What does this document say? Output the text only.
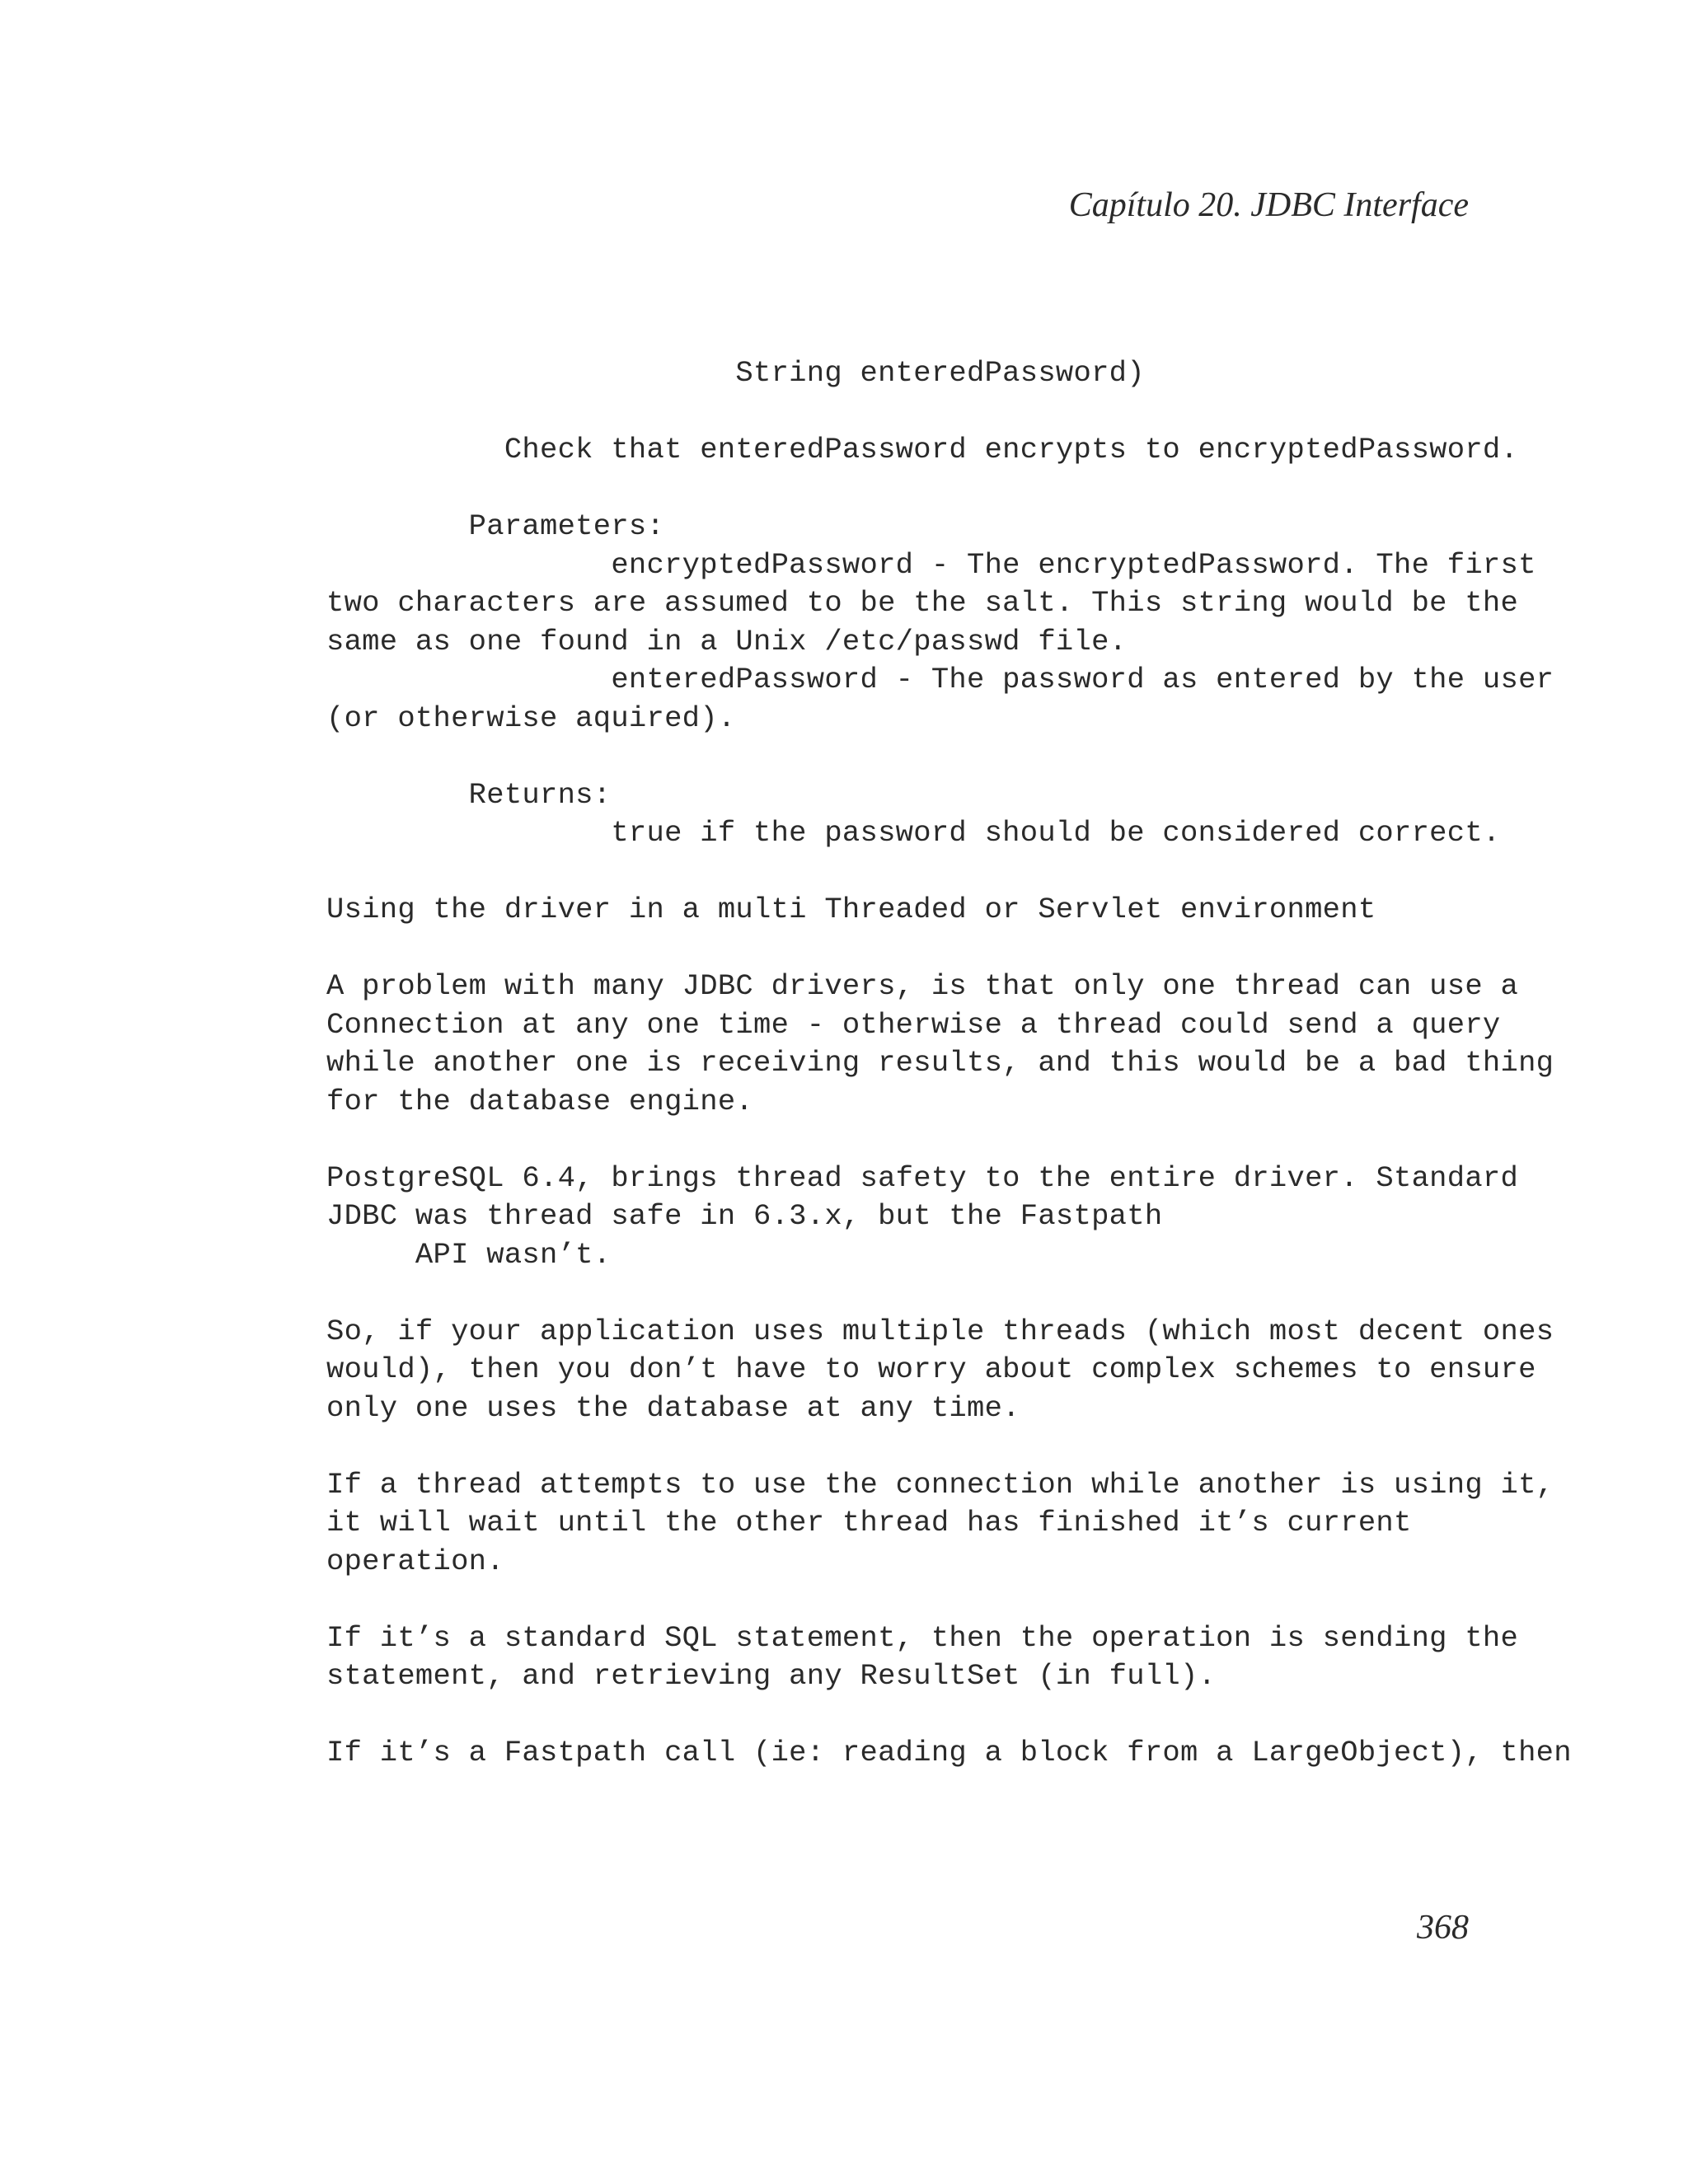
Capítulo 20. JDBC Interface
String enteredPassword)
Check that enteredPassword encrypts to encryptedPassword.
Parameters:
encryptedPassword - The encryptedPassword. The first
two characters are assumed to be the salt. This string would be the
same as one found in a Unix /etc/passwd file.
enteredPassword - The password as entered by the user
(or otherwise aquired).
Returns:
true if the password should be considered correct.
Using the driver in a multi Threaded or Servlet environment
A problem with many JDBC drivers, is that only one thread can use a
Connection at any one time - otherwise a thread could send a query
while another one is receiving results, and this would be a bad thing
for the database engine.
PostgreSQL 6.4, brings thread safety to the entire driver. Standard
JDBC was thread safe in 6.3.x, but the Fastpath
API wasn’t.
So, if your application uses multiple threads (which most decent ones
would), then you don’t have to worry about complex schemes to ensure
only one uses the database at any time.
If a thread attempts to use the connection while another is using it,
it will wait until the other thread has finished it’s current
operation.
If it’s a standard SQL statement, then the operation is sending the
statement, and retrieving any ResultSet (in full).
If it’s a Fastpath call (ie: reading a block from a LargeObject), then
368
